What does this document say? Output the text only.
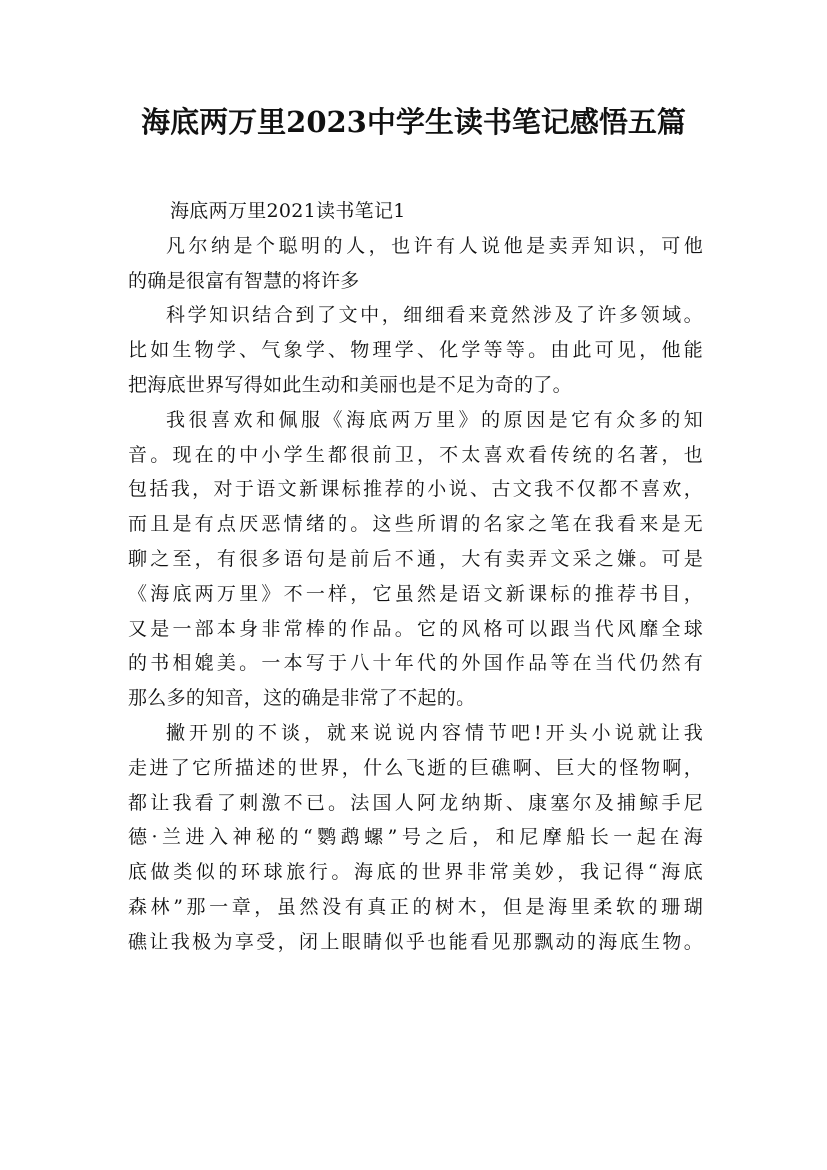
海底两万里2023中学生读书笔记感悟五篇
海底两万里2021读书笔记1
凡尔纳是个聪明的人，也许有人说他是卖弄知识，可他
的确是很富有智慧的将许多
科学知识结合到了文中，细细看来竟然涉及了许多领域。
比如生物学、气象学、物理学、化学等等。由此可见，他能
把海底世界写得如此生动和美丽也是不足为奇的了。
我很喜欢和佩服《海底两万里》的原因是它有众多的知
音。现在的中小学生都很前卫，不太喜欢看传统的名著，也
包括我，对于语文新课标推荐的小说、古文我不仅都不喜欢，
而且是有点厌恶情绪的。这些所谓的名家之笔在我看来是无
聊之至，有很多语句是前后不通，大有卖弄文采之嫌。可是
《海底两万里》不一样，它虽然是语文新课标的推荐书目，
又是一部本身非常棒的作品。它的风格可以跟当代风靡全球
的书相媲美。一本写于八十年代的外国作品等在当代仍然有
那么多的知音，这的确是非常了不起的。
撇开别的不谈，就来说说内容情节吧!开头小说就让我
走进了它所描述的世界，什么飞逝的巨礁啊、巨大的怪物啊，
都让我看了刺激不已。法国人阿龙纳斯、康塞尔及捕鲸手尼
德·兰进入神秘的“鹦鹉螺”号之后，和尼摩船长一起在海
底做类似的环球旅行。海底的世界非常美妙，我记得“海底
森林”那一章，虽然没有真正的树木，但是海里柔软的珊瑚
礁让我极为享受，闭上眼睛似乎也能看见那飘动的海底生物。
